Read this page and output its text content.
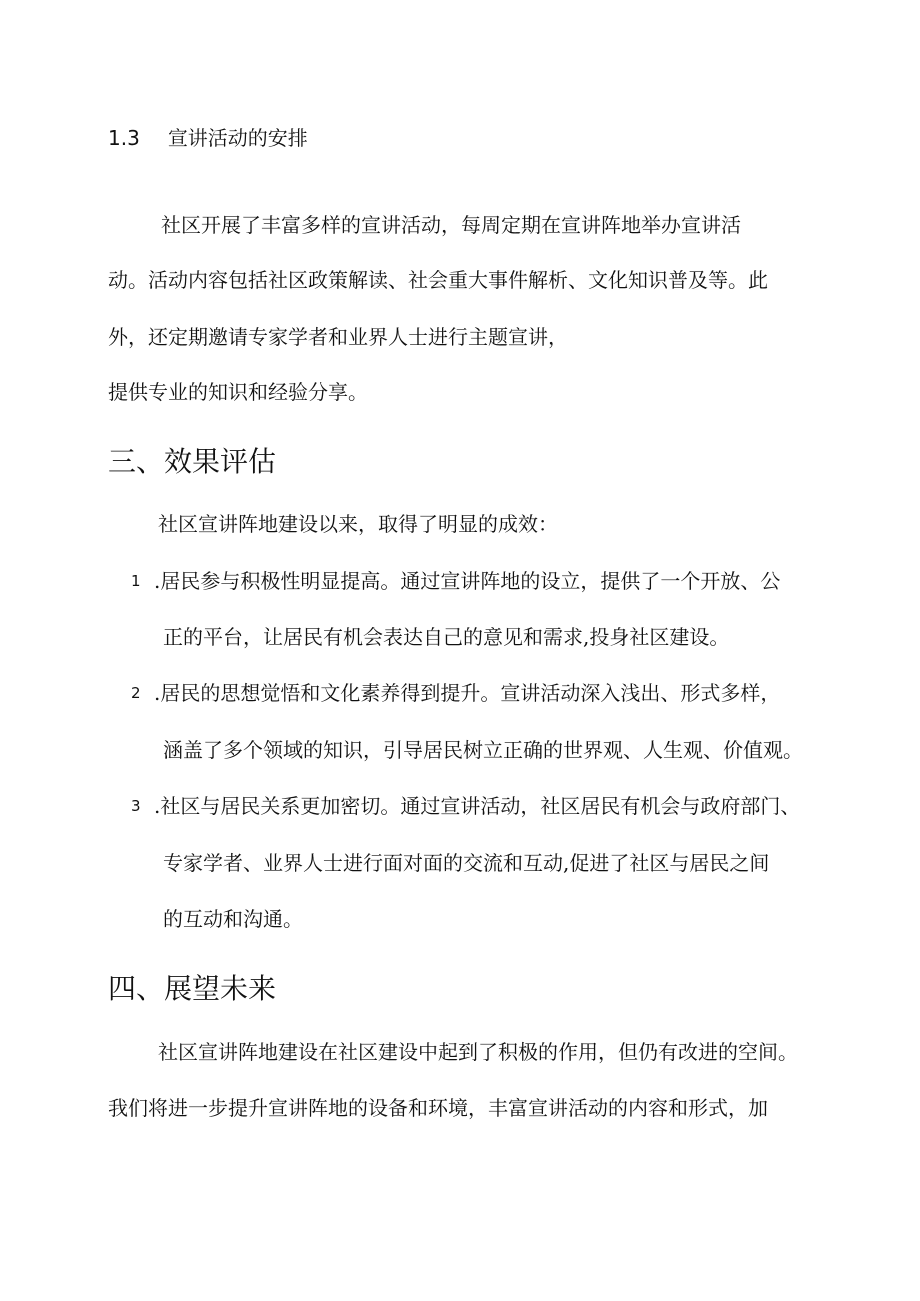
1.3 宣讲活动的安排
社区开展了丰富多样的宣讲活动，每周定期在宣讲阵地举办宣讲活
动。活动内容包括社区政策解读、社会重大事件解析、文化知识普及等。此
外，还定期邀请专家学者和业界人士进行主题宣讲，
提供专业的知识和经验分享。
三、效果评估
社区宣讲阵地建设以来，取得了明显的成效：
1 .居民参与积极性明显提高。通过宣讲阵地的设立，提供了一个开放、公
正的平台，让居民有机会表达自己的意见和需求,投身社区建设。
2 .居民的思想觉悟和文化素养得到提升。宣讲活动深入浅出、形式多样，
涵盖了多个领域的知识，引导居民树立正确的世界观、人生观、价值观。
3 .社区与居民关系更加密切。通过宣讲活动，社区居民有机会与政府部门、
专家学者、业界人士进行面对面的交流和互动,促进了社区与居民之间
的互动和沟通。
四、展望未来
社区宣讲阵地建设在社区建设中起到了积极的作用，但仍有改进的空间。
我们将进一步提升宣讲阵地的设备和环境，丰富宣讲活动的内容和形式，加
